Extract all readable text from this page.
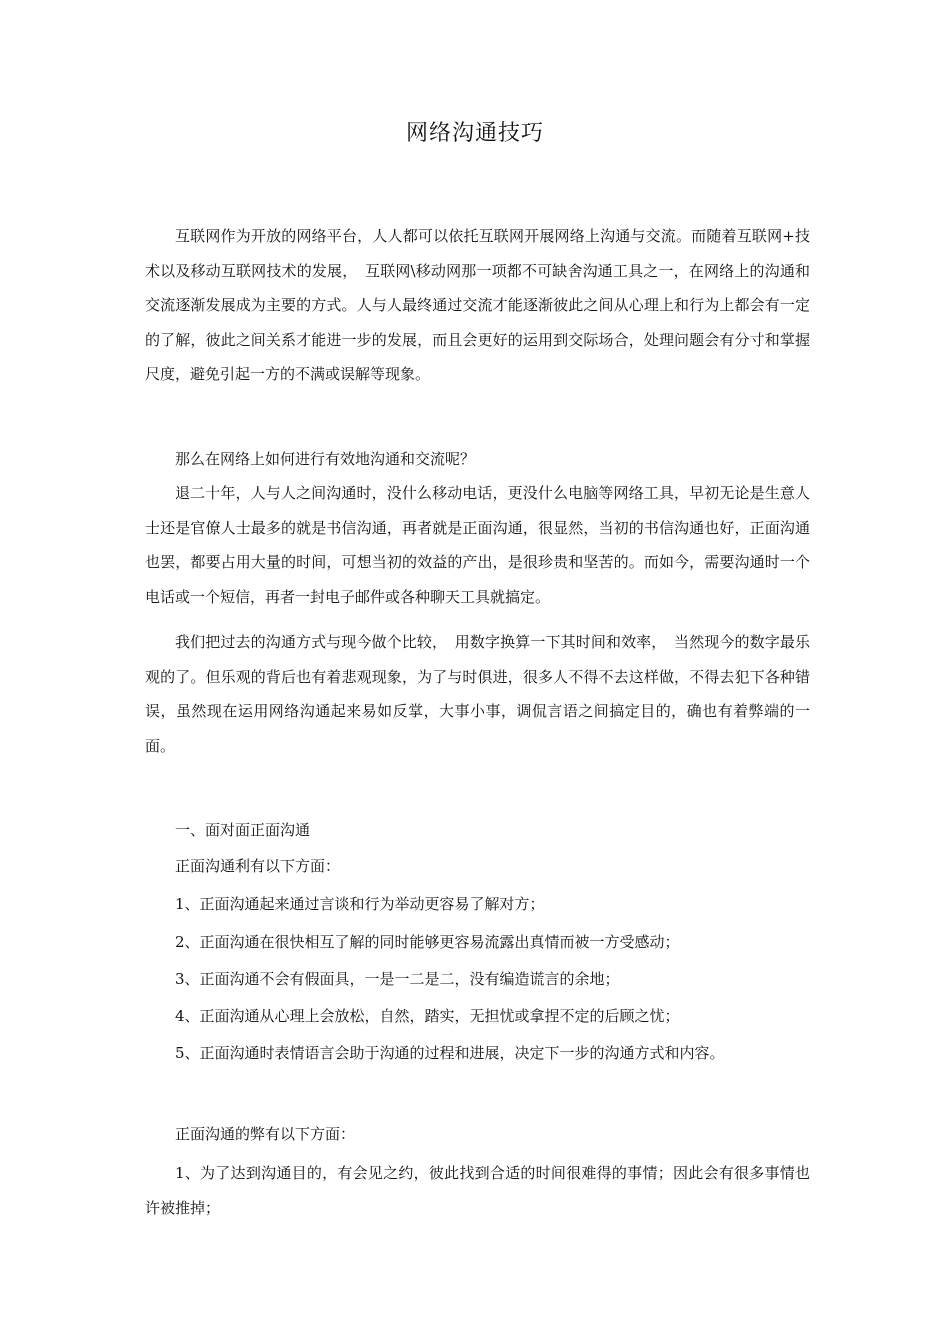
网络沟通技巧

互联网作为开放的网络平台，人人都可以依托互联网开展网络上沟通与交流。而随着互联网+技术以及移动互联网技术的发展，　互联网\移动网那一项都不可缺舍沟通工具之一，在网络上的沟通和交流逐渐发展成为主要的方式。人与人最终通过交流才能逐渐彼此之间从心理上和行为上都会有一定的了解，彼此之间关系才能进一步的发展，而且会更好的运用到交际场合，处理问题会有分寸和掌握尺度，避免引起一方的不满或误解等现象。

那么在网络上如何进行有效地沟通和交流呢？

退二十年，人与人之间沟通时，没什么移动电话，更没什么电脑等网络工具，早初无论是生意人士还是官僚人士最多的就是书信沟通，再者就是正面沟通，很显然，当初的书信沟通也好，正面沟通也罢，都要占用大量的时间，可想当初的效益的产出，是很珍贵和坚苦的。而如今，需要沟通时一个电话或一个短信，再者一封电子邮件或各种聊天工具就搞定。

我们把过去的沟通方式与现今做个比较，　用数字换算一下其时间和效率，　当然现今的数字最乐观的了。但乐观的背后也有着悲观现象，为了与时俱进，很多人不得不去这样做，不得去犯下各种错误，虽然现在运用网络沟通起来易如反掌，大事小事，调侃言语之间搞定目的，确也有着弊端的一面。

一、面对面正面沟通

正面沟通利有以下方面：

1、正面沟通起来通过言谈和行为举动更容易了解对方；

2、正面沟通在很快相互了解的同时能够更容易流露出真情而被一方受感动；

3、正面沟通不会有假面具，一是一二是二，没有编造谎言的余地；

4、正面沟通从心理上会放松，自然，踏实，无担忧或拿捏不定的后顾之忧；

5、正面沟通时表情语言会助于沟通的过程和进展，决定下一步的沟通方式和内容。

正面沟通的弊有以下方面：

1、为了达到沟通目的，有会见之约，彼此找到合适的时间很难得的事情；因此会有很多事情也许被推掉；
